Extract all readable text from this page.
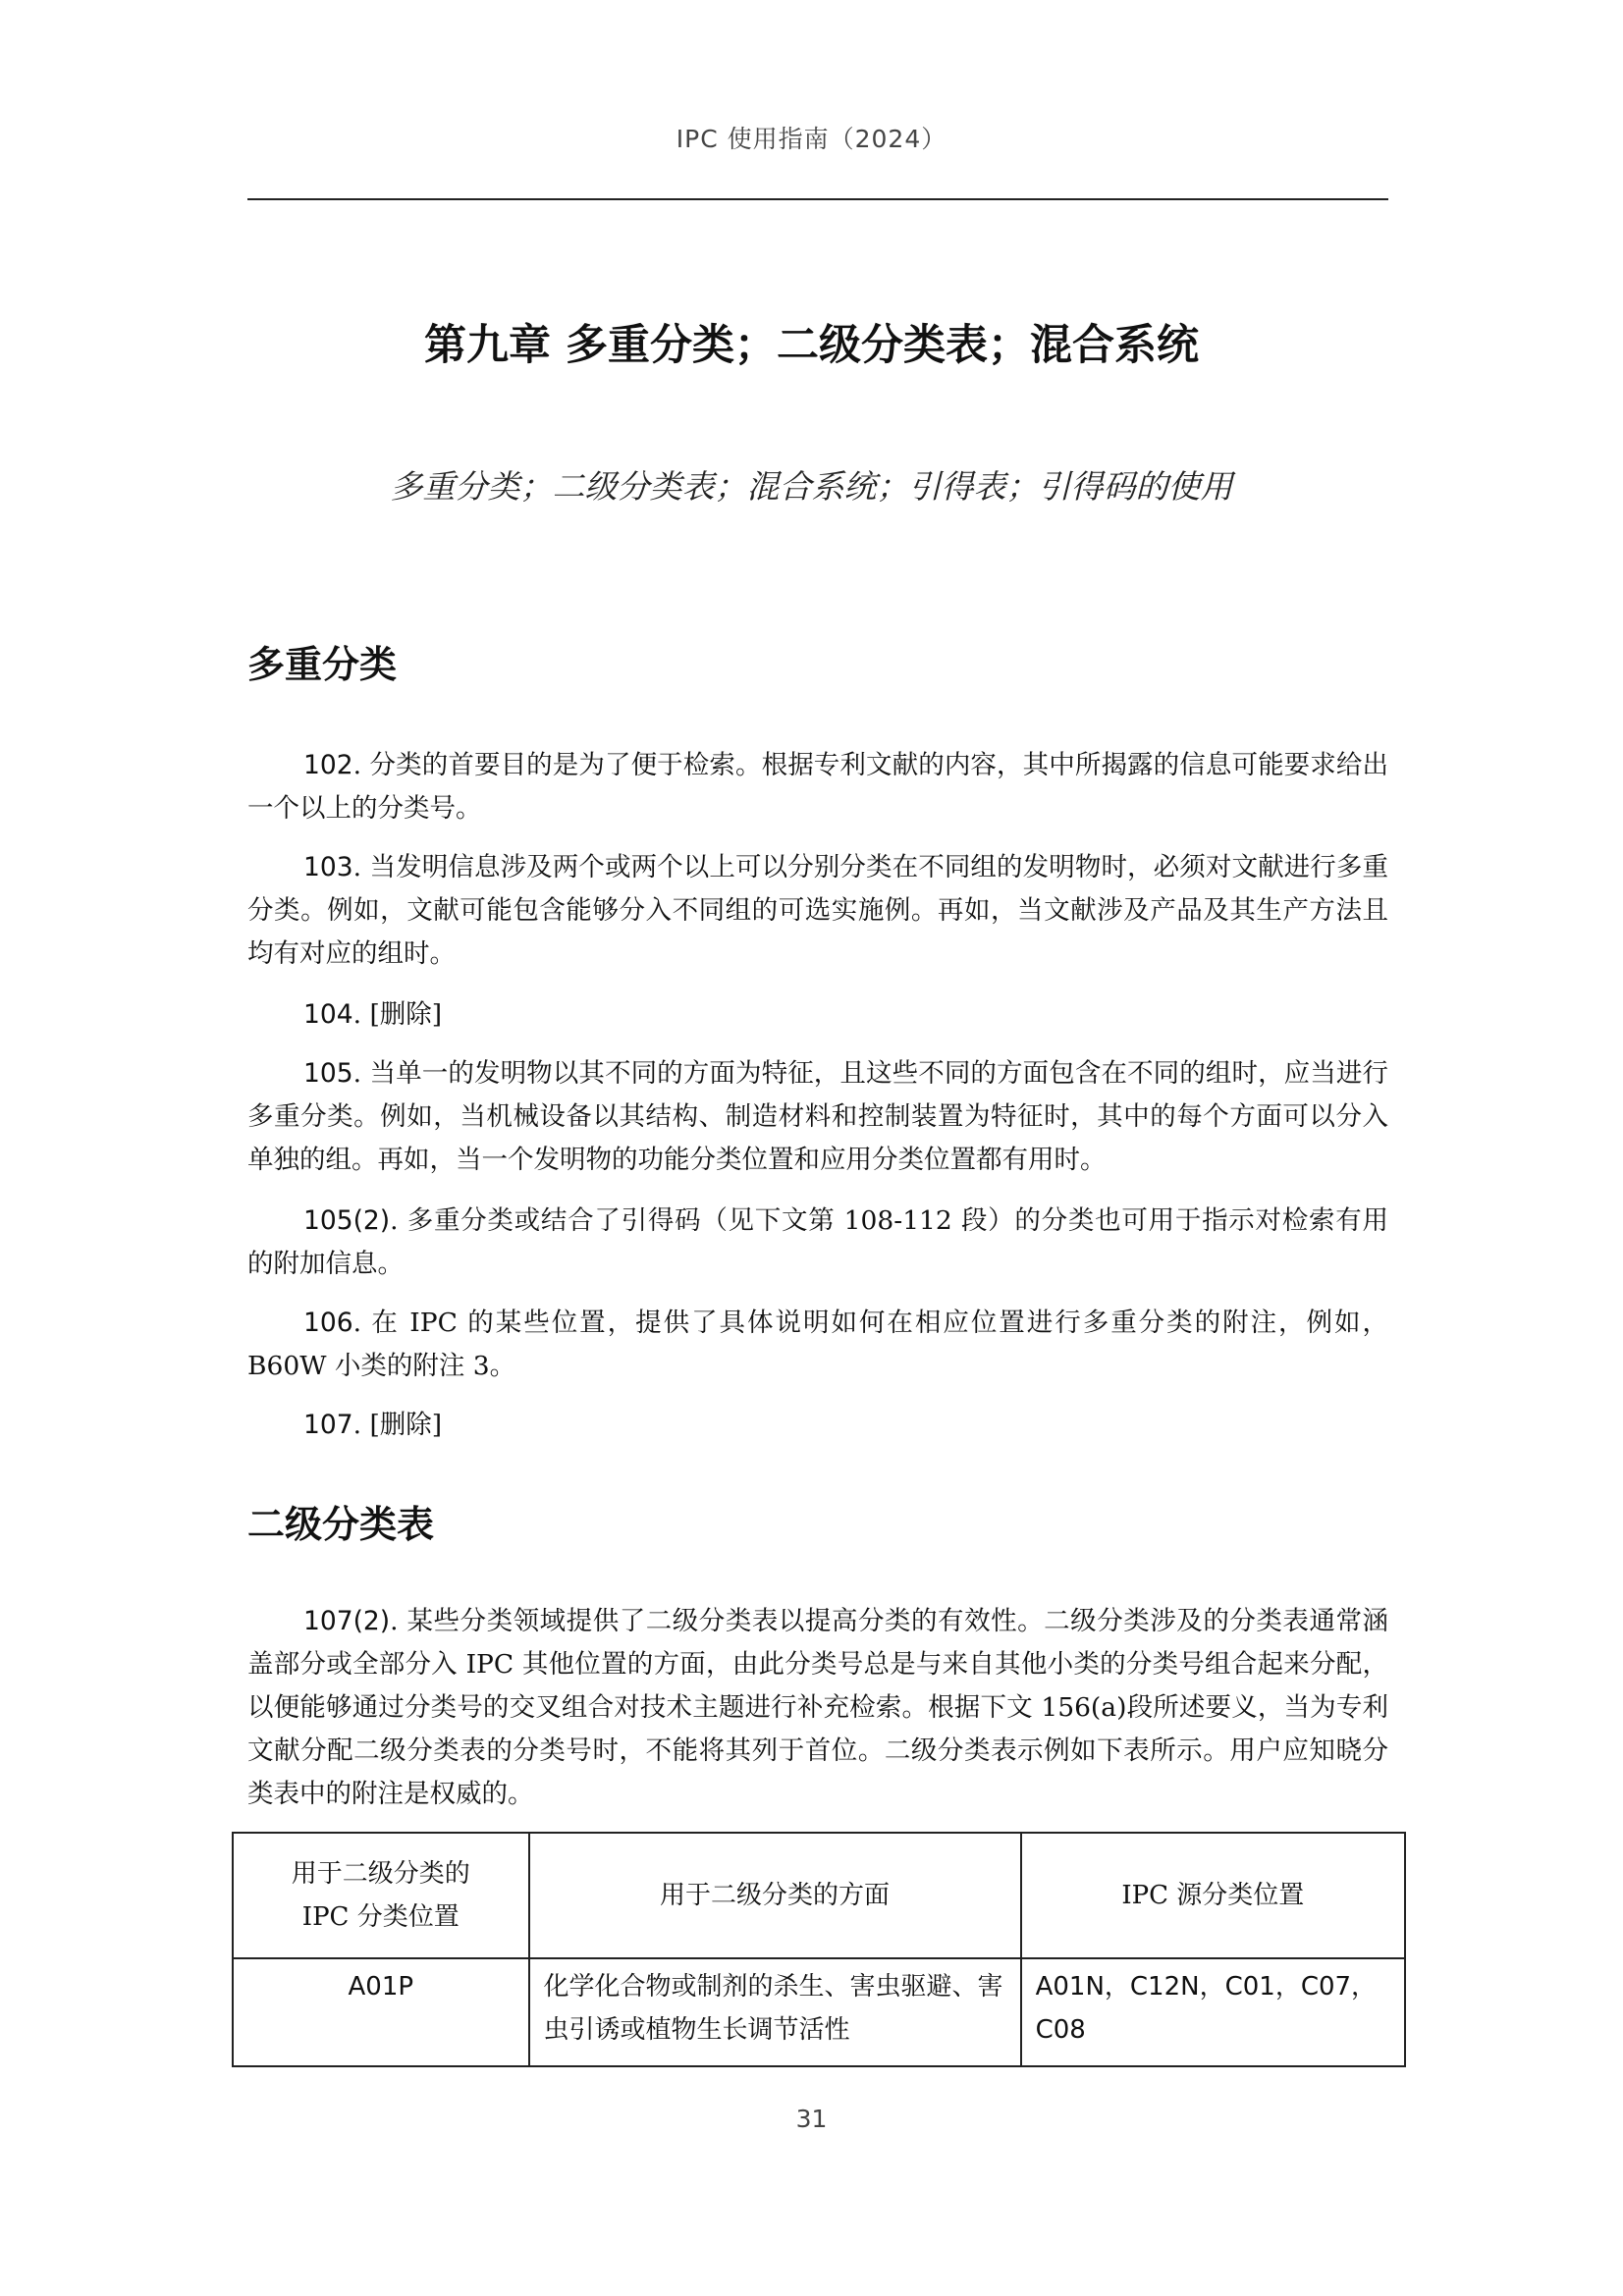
IPC 使用指南（2024）
第九章 多重分类；二级分类表；混合系统
多重分类；二级分类表；混合系统；引得表；引得码的使用
多重分类

102. 分类的首要目的是为了便于检索。根据专利文献的内容，其中所揭露的信息可能要求给出一个以上的分类号。

103. 当发明信息涉及两个或两个以上可以分别分类在不同组的发明物时，必须对文献进行多重分类。例如，文献可能包含能够分入不同组的可选实施例。再如，当文献涉及产品及其生产方法且均有对应的组时。

104. [删除]

105. 当单一的发明物以其不同的方面为特征，且这些不同的方面包含在不同的组时，应当进行多重分类。例如，当机械设备以其结构、制造材料和控制装置为特征时，其中的每个方面可以分入单独的组。再如，当一个发明物的功能分类位置和应用分类位置都有用时。

105(2). 多重分类或结合了引得码（见下文第 108-112 段）的分类也可用于指示对检索有用的附加信息。

106. 在 IPC 的某些位置，提供了具体说明如何在相应位置进行多重分类的附注，例如，B60W 小类的附注 3。

107. [删除]

二级分类表

107(2). 某些分类领域提供了二级分类表以提高分类的有效性。二级分类涉及的分类表通常涵盖部分或全部分入 IPC 其他位置的方面，由此分类号总是与来自其他小类的分类号组合起来分配，以便能够通过分类号的交叉组合对技术主题进行补充检索。根据下文 156(a)段所述要义，当为专利文献分配二级分类表的分类号时，不能将其列于首位。二级分类表示例如下表所示。用户应知晓分类表中的附注是权威的。

用于二级分类的
IPC 分类位置	用于二级分类的方面	IPC 源分类位置
A01P	化学化合物或制剂的杀生、害虫驱避、害虫引诱或植物生长调节活性	A01N，C12N，C01，C07，C08
31
